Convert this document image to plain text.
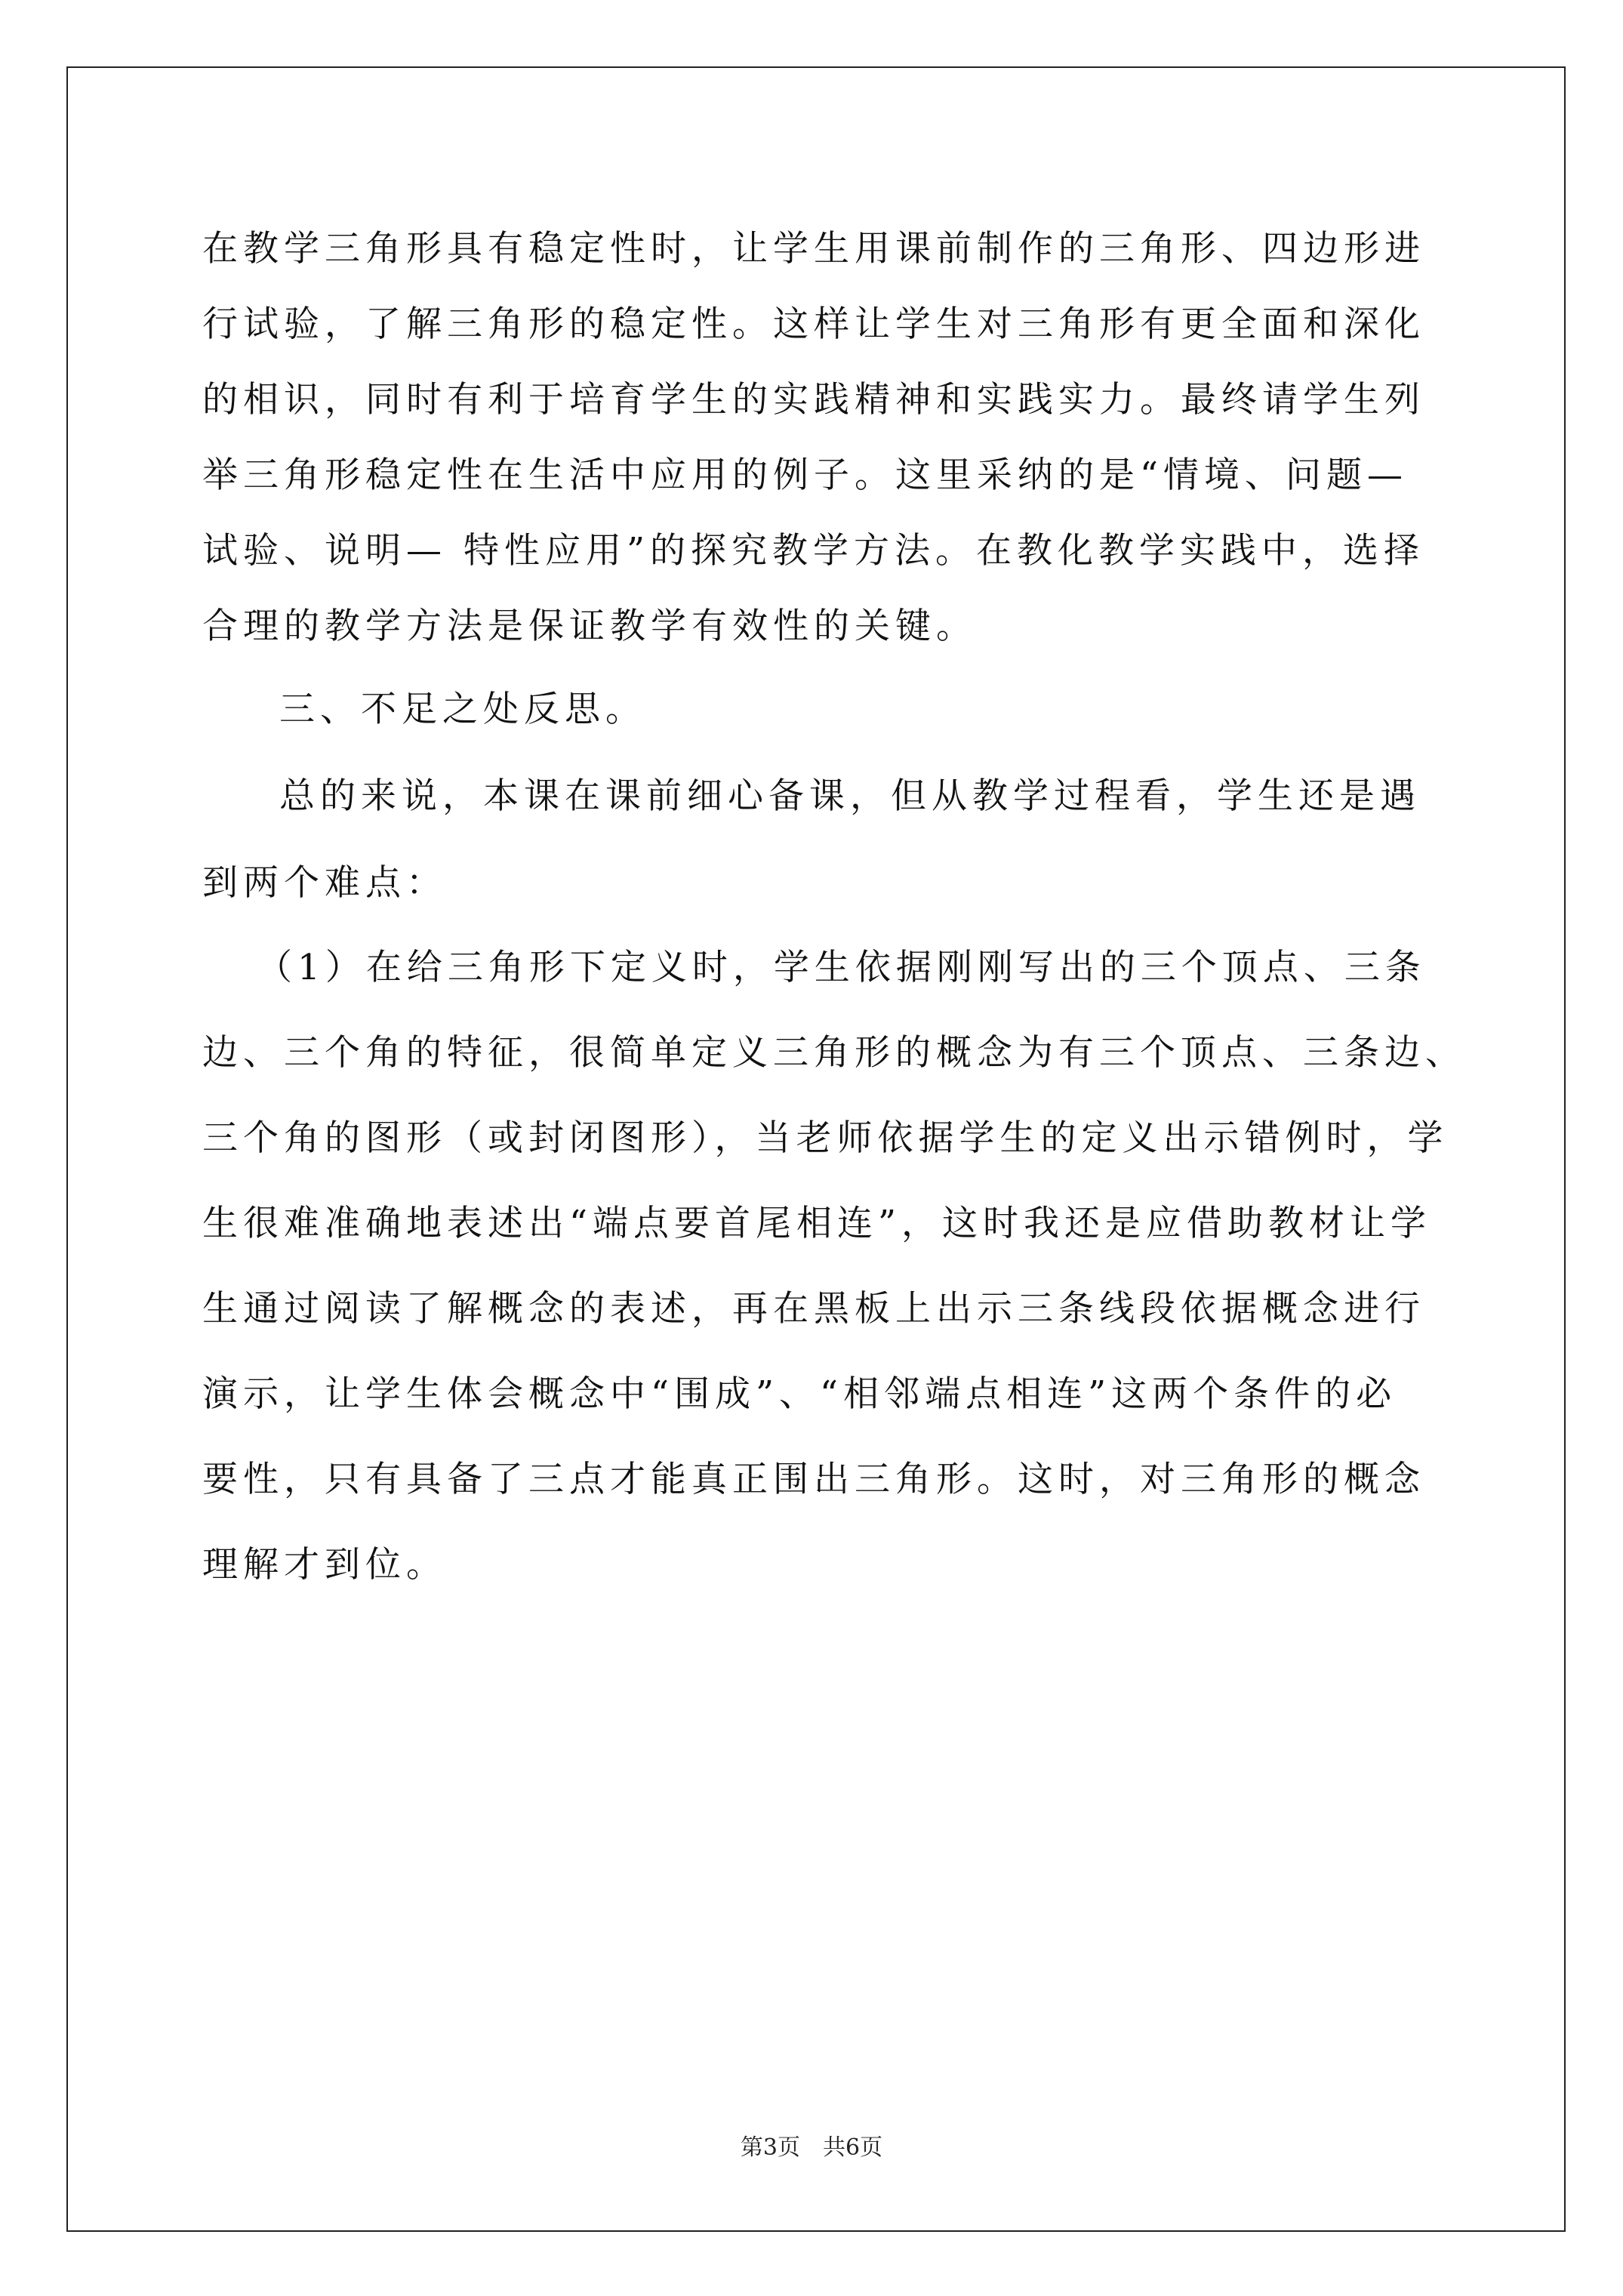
在教学三角形具有稳定性时，让学生用课前制作的三角形、四边形进
行试验，了解三角形的稳定性。这样让学生对三角形有更全面和深化
的相识，同时有利于培育学生的实践精神和实践实力。最终请学生列
举三角形稳定性在生活中应用的例子。这里采纳的是“情境、问题—
试验、说明— 特性应用”的探究教学方法。在教化教学实践中，选择
合理的教学方法是保证教学有效性的关键。
三、不足之处反思。
总的来说，本课在课前细心备课，但从教学过程看，学生还是遇
到两个难点：
（1）在给三角形下定义时，学生依据刚刚写出的三个顶点、三条
边、三个角的特征，很简单定义三角形的概念为有三个顶点、三条边、
三个角的图形（或封闭图形），当老师依据学生的定义出示错例时，学
生很难准确地表述出“端点要首尾相连”，这时我还是应借助教材让学
生通过阅读了解概念的表述，再在黑板上出示三条线段依据概念进行
演示，让学生体会概念中“围成”、“相邻端点相连”这两个条件的必
要性，只有具备了三点才能真正围出三角形。这时，对三角形的概念
理解才到位。
第3页　共6页
